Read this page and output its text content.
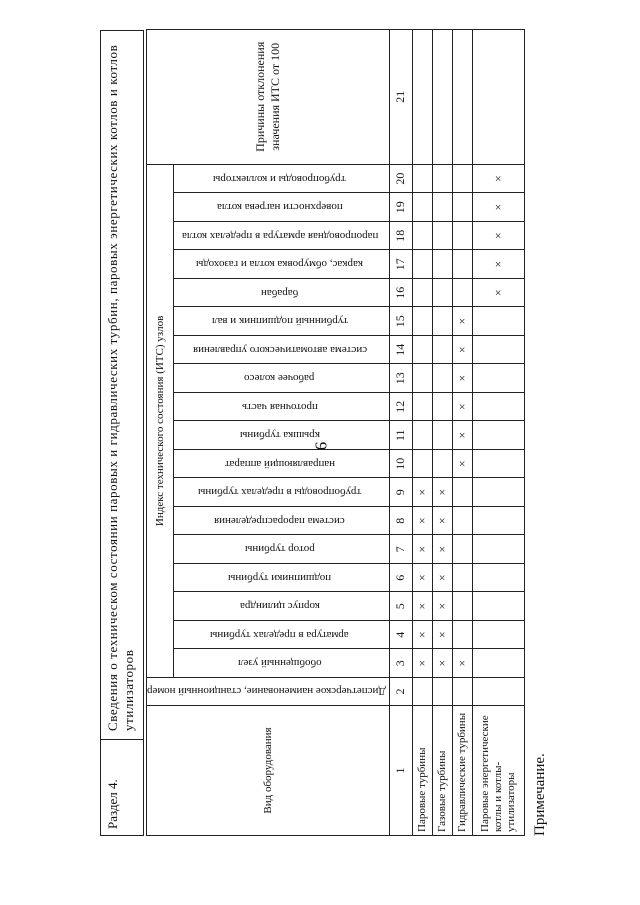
9
Раздел 4.
Сведения о техническом состоянии паровых и гидравлических турбин, паровых энергетических котлов и котлов утилизаторов
Вид оборудования	Диспетчерское наименование, станционный номер	Индекс технического состояния (ИТС) узлов																		Причины отклонения значения ИТС от 100
		обобщенный узел	арматура в пределах турбины	корпус цилиндра	подшипники турбины	ротор турбины	система парораспределения	трубопроводы в пределах турбины	направляющий аппарат	крышка турбины	проточная часть	рабочее колесо	система автоматического управления	турбинный подшипник и вал	барабан	каркас, обмуровка котла и газоходы	паропроводная арматура в пределах котла	поверхности нагрева котла	трубопроводы и коллекторы	
1	2	3	4	5	6	7	8	9	10	11	12	13	14	15	16	17	18	19	20	21
Паровые турбины		×	×	×	×	×	×	×												
Газовые турбины		×	×	×	×	×	×	×												
Гидравлические турбины		×							×	×	×	×	×	×						
Паровые энергетические котлы и котлы-утилизаторы															×	×	×	×	×	
Примечание.
